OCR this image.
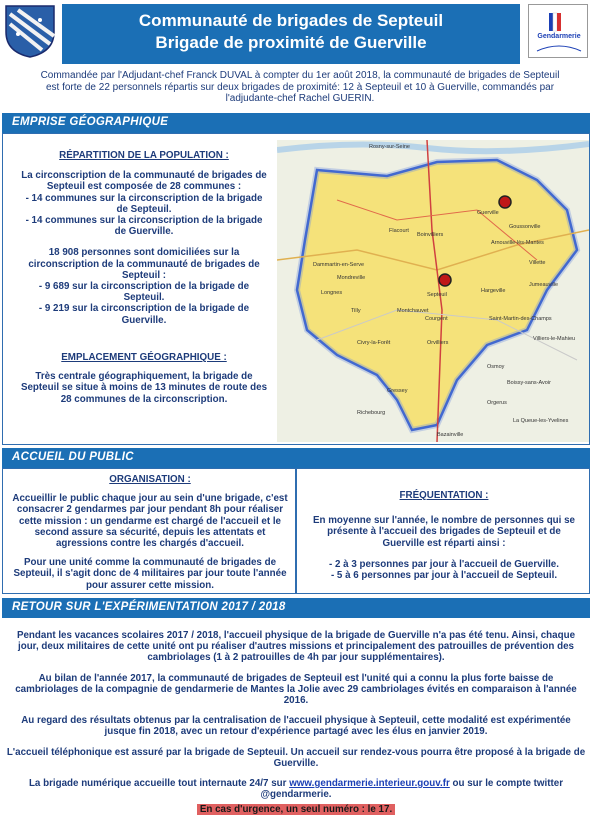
Communauté de brigades de Septeuil
Brigade de proximité de Guerville	Gendarmerie
Commandée par l'Adjudant-chef Franck DUVAL à compter du 1er août 2018, la communauté de brigades de Septeuil est forte de 22 personnels répartis sur deux brigades de proximité: 12 à Septeuil et 10 à Guerville, commandés par l'adjudante-chef Rachel GUERIN.
EMPRISE GÉOGRAPHIQUE
RÉPARTITION DE LA POPULATION :
La circonscription de la communauté de brigades de Septeuil est composée de 28 communes :
- 14 communes sur la circonscription de la brigade de Septeuil.
- 14 communes sur la circonscription de la brigade de Guerville.
18 908 personnes sont domiciliées sur la circonscription de la communauté de brigades de Septeuil :
- 9 689 sur la circonscription de la brigade de Septeuil.
- 9 219 sur la circonscription de la brigade de Guerville.
EMPLACEMENT GÉOGRAPHIQUE :
Très centrale géographiquement, la brigade de Septeuil se situe à moins de 13 minutes de route des 28 communes de la circonscription.
Guerville
Septeuil
Flacourt
Orvilliers
Tilly
Courgent
Mondreville
Rosny-sur-Seine
Dammartin-en-Serve
Longnes
Montchauvet
Boinvilliers
Arnouville-lès-Mantes
Hargeville
Goussonville
Villette
Jumeauville
Saint-Martin-des-Champs
Osmoy
Civry-la-Forêt
Gressey
Bazainville
Richebourg
Orgerus
Boissy-sans-Avoir
Villiers-le-Mahieu
La Queue-les-Yvelines
ACCUEIL DU PUBLIC
ORGANISATION :
Accueillir le public chaque jour au sein d'une brigade, c'est consacrer 2 gendarmes par jour pendant 8h pour réaliser cette mission : un gendarme est chargé de l'accueil et le second assure sa sécurité, depuis les attentats et agressions contre les chargés d'accueil.
Pour une unité comme la communauté de brigades de Septeuil, il s'agit donc de 4 militaires par jour toute l'année pour assurer cette mission.
FRÉQUENTATION :
En moyenne sur l'année, le nombre de personnes qui se présente à l'accueil des brigades de Septeuil et de Guerville est réparti ainsi :
- 2 à 3 personnes par jour à l'accueil de Guerville.
- 5 à 6 personnes par jour à l'accueil de Septeuil.
RETOUR SUR L'EXPÉRIMENTATION 2017 / 2018

Pendant les vacances scolaires 2017 / 2018, l'accueil physique de la brigade de Guerville n'a pas été tenu. Ainsi, chaque jour, deux militaires de cette unité ont pu réaliser d'autres missions et principalement des patrouilles de prévention des cambriolages (1 à 2 patrouilles de 4h par jour supplémentaires).

Au bilan de l'année 2017, la communauté de brigades de Septeuil est l'unité qui a connu la plus forte baisse de cambriolages de la compagnie de gendarmerie de Mantes la Jolie avec 29 cambriolages évités en comparaison à l'année 2016.

Au regard des résultats obtenus par la centralisation de l'accueil physique à Septeuil, cette modalité est expérimentée jusque fin 2018, avec un retour d'expérience partagé avec les élus en janvier 2019.

L'accueil téléphonique est assuré par la brigade de Septeuil. Un accueil sur rendez-vous pourra être proposé à la brigade de Guerville.

La brigade numérique accueille tout internaute 24/7 sur www.gendarmerie.interieur.gouv.fr ou sur le compte twitter @gendarmerie.

En cas d'urgence, un seul numéro : le 17.
